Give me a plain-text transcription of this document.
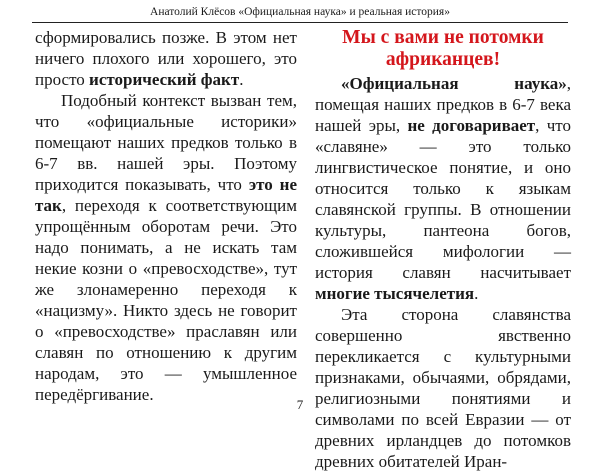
Анатолий Клёсов «Официальная наука» и реальная история»

сформировались позже. В этом нет ничего плохого или хорошего, это просто исторический факт.

Подобный контекст вызван тем, что «официальные историки» помещают наших предков только в 6-7 вв. нашей эры. Поэтому приходится показывать, что это не так, переходя к соответствующим упрощённым оборотам речи. Это надо понимать, а не искать там некие козни о «превосходстве», тут же злонамеренно переходя к «нацизму». Никто здесь не говорит о «превосходстве» праславян или славян по отношению к другим народам, это — умышленное передёргивание.

Мы с вами не потомки африканцев!

«Официальная наука», помещая наших предков в 6-7 века нашей эры, не договаривает, что «славяне» — это только лингвистическое понятие, и оно относится только к языкам славянской группы. В отношении культуры, пантеона богов, сложившейся мифологии — история славян насчитывает многие тысячелетия.

Эта сторона славянства совершенно явственно перекликается с культурными признаками, обычаями, обрядами, религиозными понятиями и символами по всей Евразии — от древних ирландцев до потомков древних обитателей Иран-

7
